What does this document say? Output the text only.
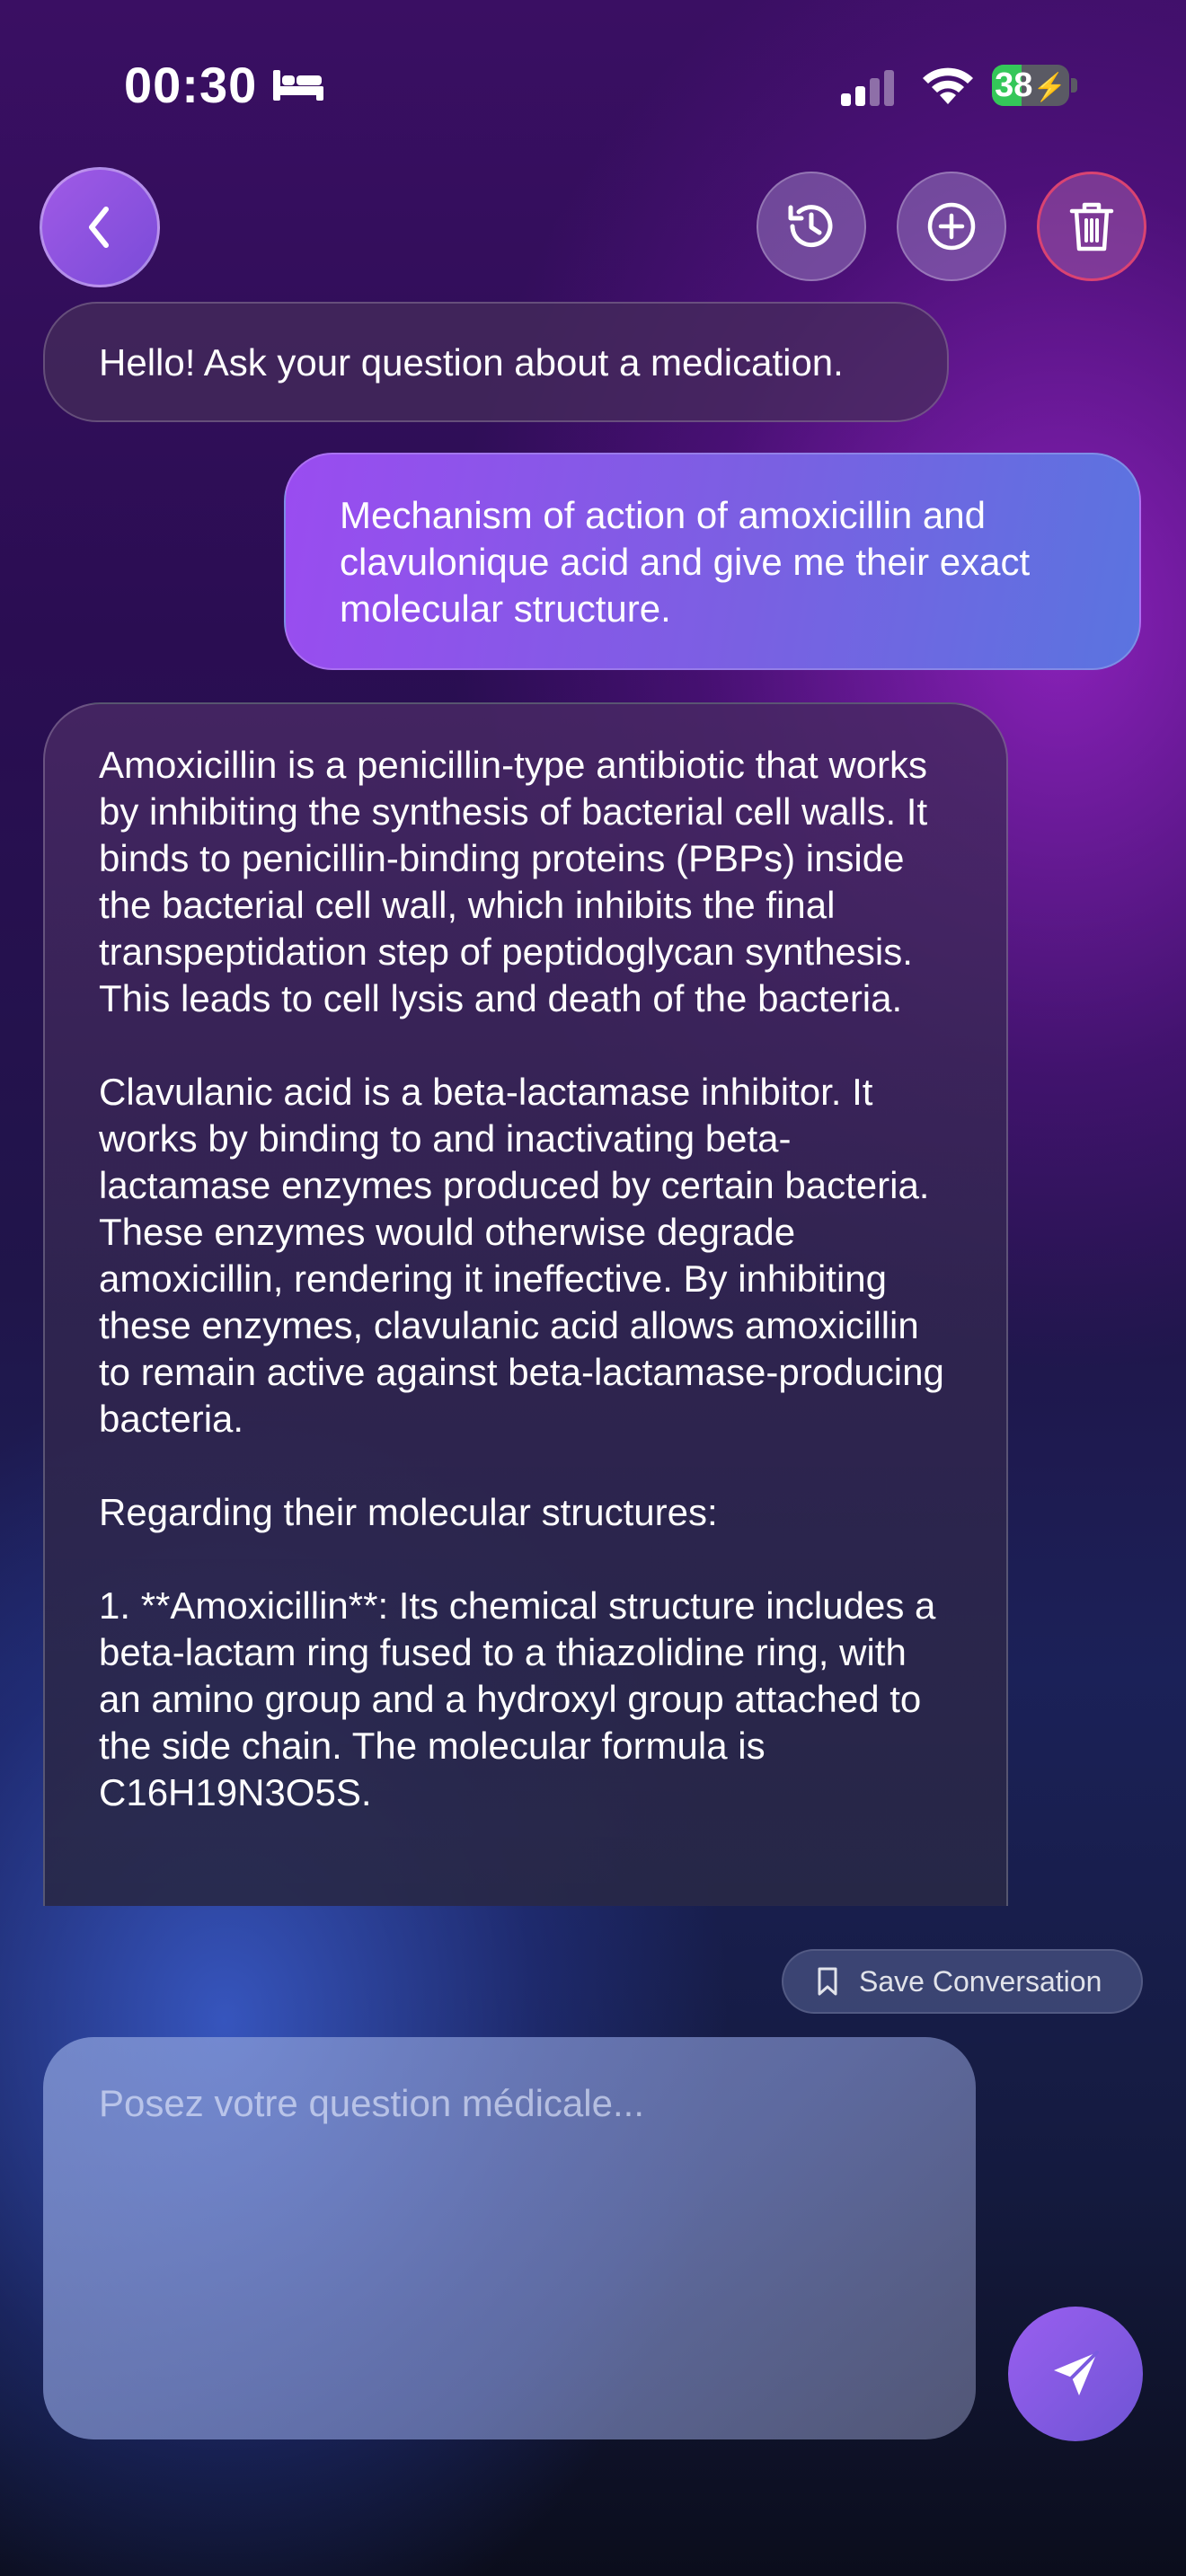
00:30	38⚡
Hello! Ask your question about a medication.
Mechanism of action of amoxicillin and clavulonique acid and give me their exact molecular structure.

Amoxicillin is a penicillin-type antibiotic that works by inhibiting the synthesis of bacterial cell walls. It binds to penicillin-binding proteins (PBPs) inside the bacterial cell wall, which inhibits the final transpeptidation step of peptidoglycan synthesis. This leads to cell lysis and death of the bacteria.

Clavulanic acid is a beta-lactamase inhibitor. It works by binding to and inactivating beta-lactamase enzymes produced by certain bacteria. These enzymes would otherwise degrade amoxicillin, rendering it ineffective. By inhibiting these enzymes, clavulanic acid allows amoxicillin to remain active against beta-lactamase-producing bacteria.

Regarding their molecular structures:

1. **Amoxicillin**: Its chemical structure includes a beta-lactam ring fused to a thiazolidine ring, with an amino group and a hydroxyl group attached to the side chain. The molecular formula is C16H19N3O5S.

Save Conversation
Posez votre question médicale...
